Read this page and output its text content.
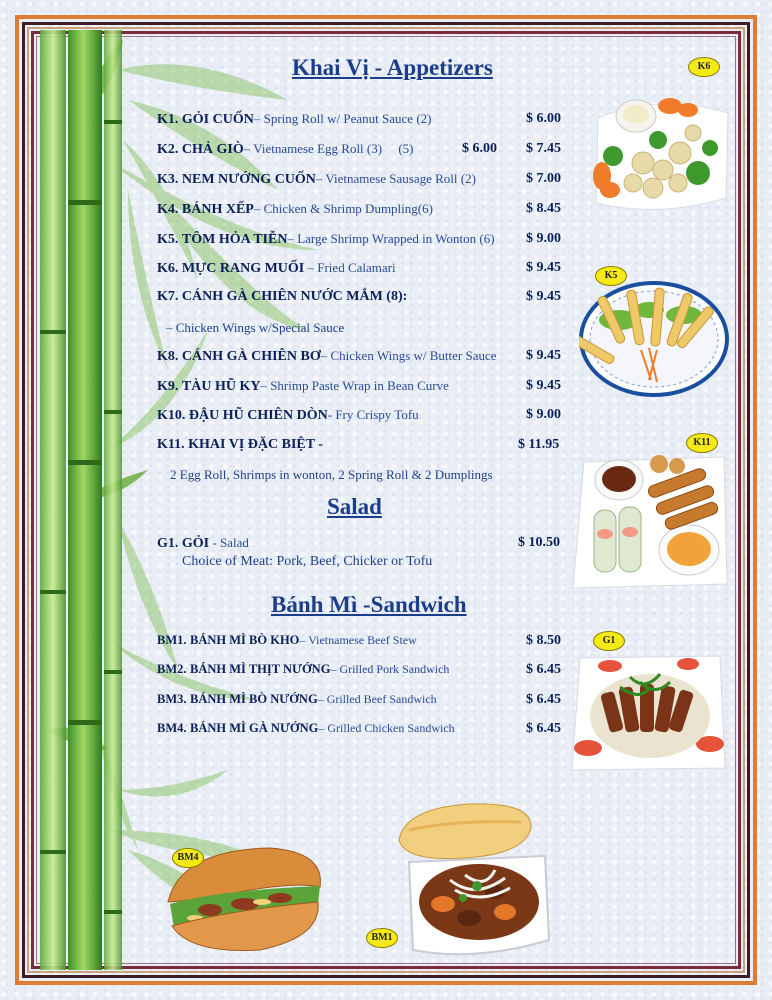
Khai Vị - Appetizers
Salad
Bánh Mì -Sandwich
K1. GỎI CUỐN– Spring Roll w/ Peanut Sauce (2)	$ 6.00
K2. CHẢ GIÒ– Vietnamese Egg Roll (3)     (5)	$ 6.00 $ 7.45
K3. NEM NƯỚNG CUỐN– Vietnamese Sausage Roll (2)	$ 7.00
K4. BÁNH XẾP– Chicken & Shrimp Dumpling(6)	$ 8.45
K5. TÔM HỎA TIỄN– Large Shrimp Wrapped in Wonton (6) $ 9.00
K6. MỰC RANG MUỐI – Fried Calamari	$ 9.45
K7. CÁNH GÀ CHIÊN NƯỚC MẮM (8):	$ 9.45
– Chicken Wings w/Special Sauce
K8. CÁNH GÀ CHIÊN BƠ– Chicken Wings w/ Butter Sauce $ 9.45
K9. TÀU HŨ KY– Shrimp Paste Wrap in Bean Curve	$ 9.45
K10. ĐẬU HŨ CHIÊN DÒN- Fry Crispy Tofu	$ 9.00
K11. KHAI VỊ ĐẶC BIỆT -	$ 11.95
2 Egg Roll, Shrimps in wonton, 2 Spring Roll & 2 Dumplings
G1. GỎI - Salad	$ 10.50
Choice of Meat: Pork, Beef, Chicker or Tofu
BM1. BÁNH MÌ BÒ KHO– Vietnamese Beef Stew	$ 8.50
BM2. BÁNH MÌ THỊT NƯỚNG– Grilled Pork Sandwich	$ 6.45
BM3. BÁNH MÌ BÒ NƯỚNG– Grilled Beef Sandwich	$ 6.45
BM4. BÁNH MÌ GÀ NƯỚNG– Grilled Chicken Sandwich	$ 6.45
K6
K5
K11
G1
BM4
BM1
